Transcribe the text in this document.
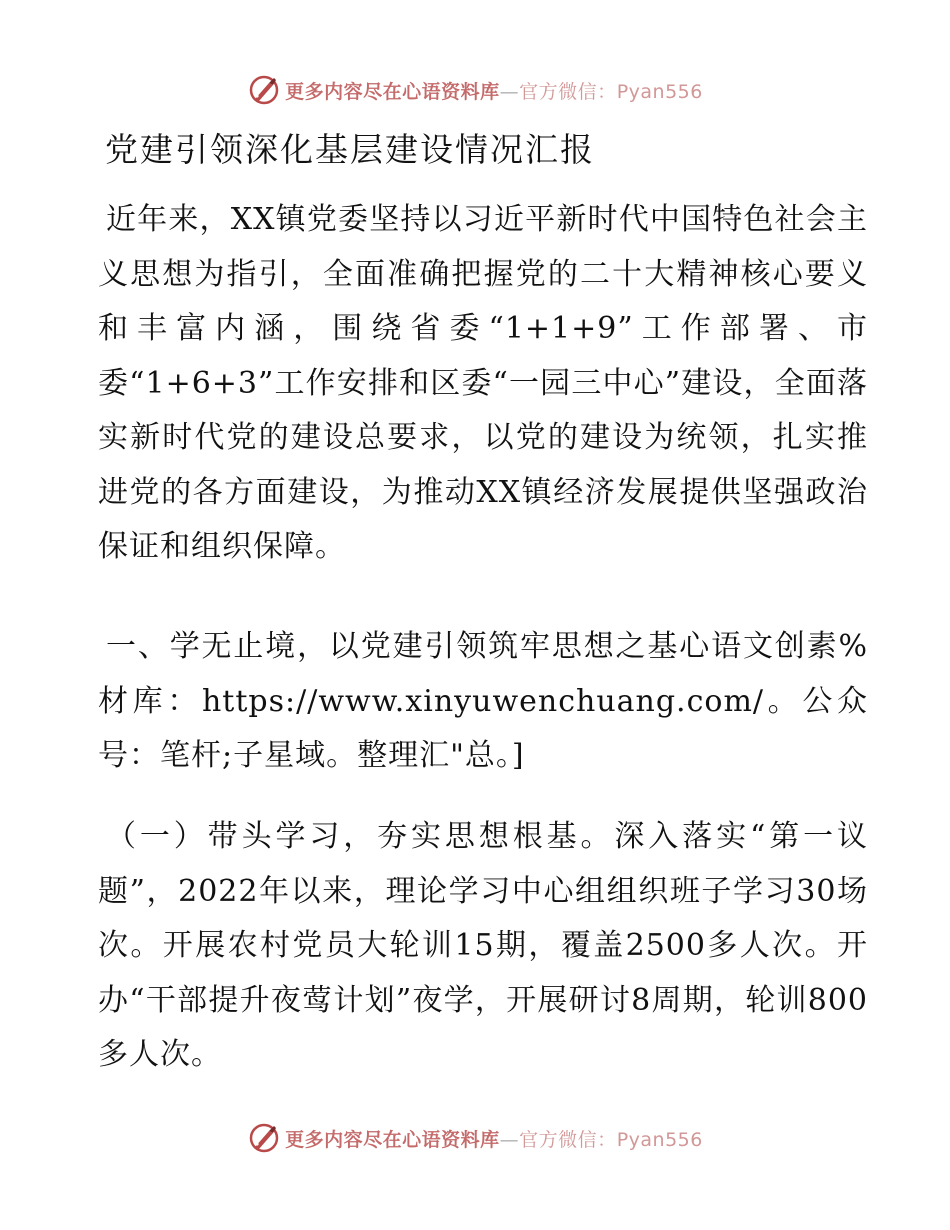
更多内容尽在心语资料库—官方微信：Pyan556
党建引领深化基层建设情况汇报

近年来，XX镇党委坚持以习近平新时代中国特色社会主义思想为指引，全面准确把握党的二十大精神核心要义和丰富内涵，围绕省委“1+1+9”工作部署、市委“1+6+3”工作安排和区委“一园三中心”建设，全面落实新时代党的建设总要求，以党的建设为统领，扎实推进党的各方面建设，为推动XX镇经济发展提供坚强政治保证和组织保障。

一、学无止境，以党建引领筑牢思想之基心语文创素%材库：https://www.xinyuwenchuang.com/。公众号：笔杆;子星域。整理汇"总。]

（一）带头学习，夯实思想根基。深入落实“第一议题”，2022年以来，理论学习中心组组织班子学习30场次。开展农村党员大轮训15期，覆盖2500多人次。开办“干部提升夜莺计划”夜学，开展研讨8周期，轮训800多人次。

更多内容尽在心语资料库—官方微信：Pyan556
